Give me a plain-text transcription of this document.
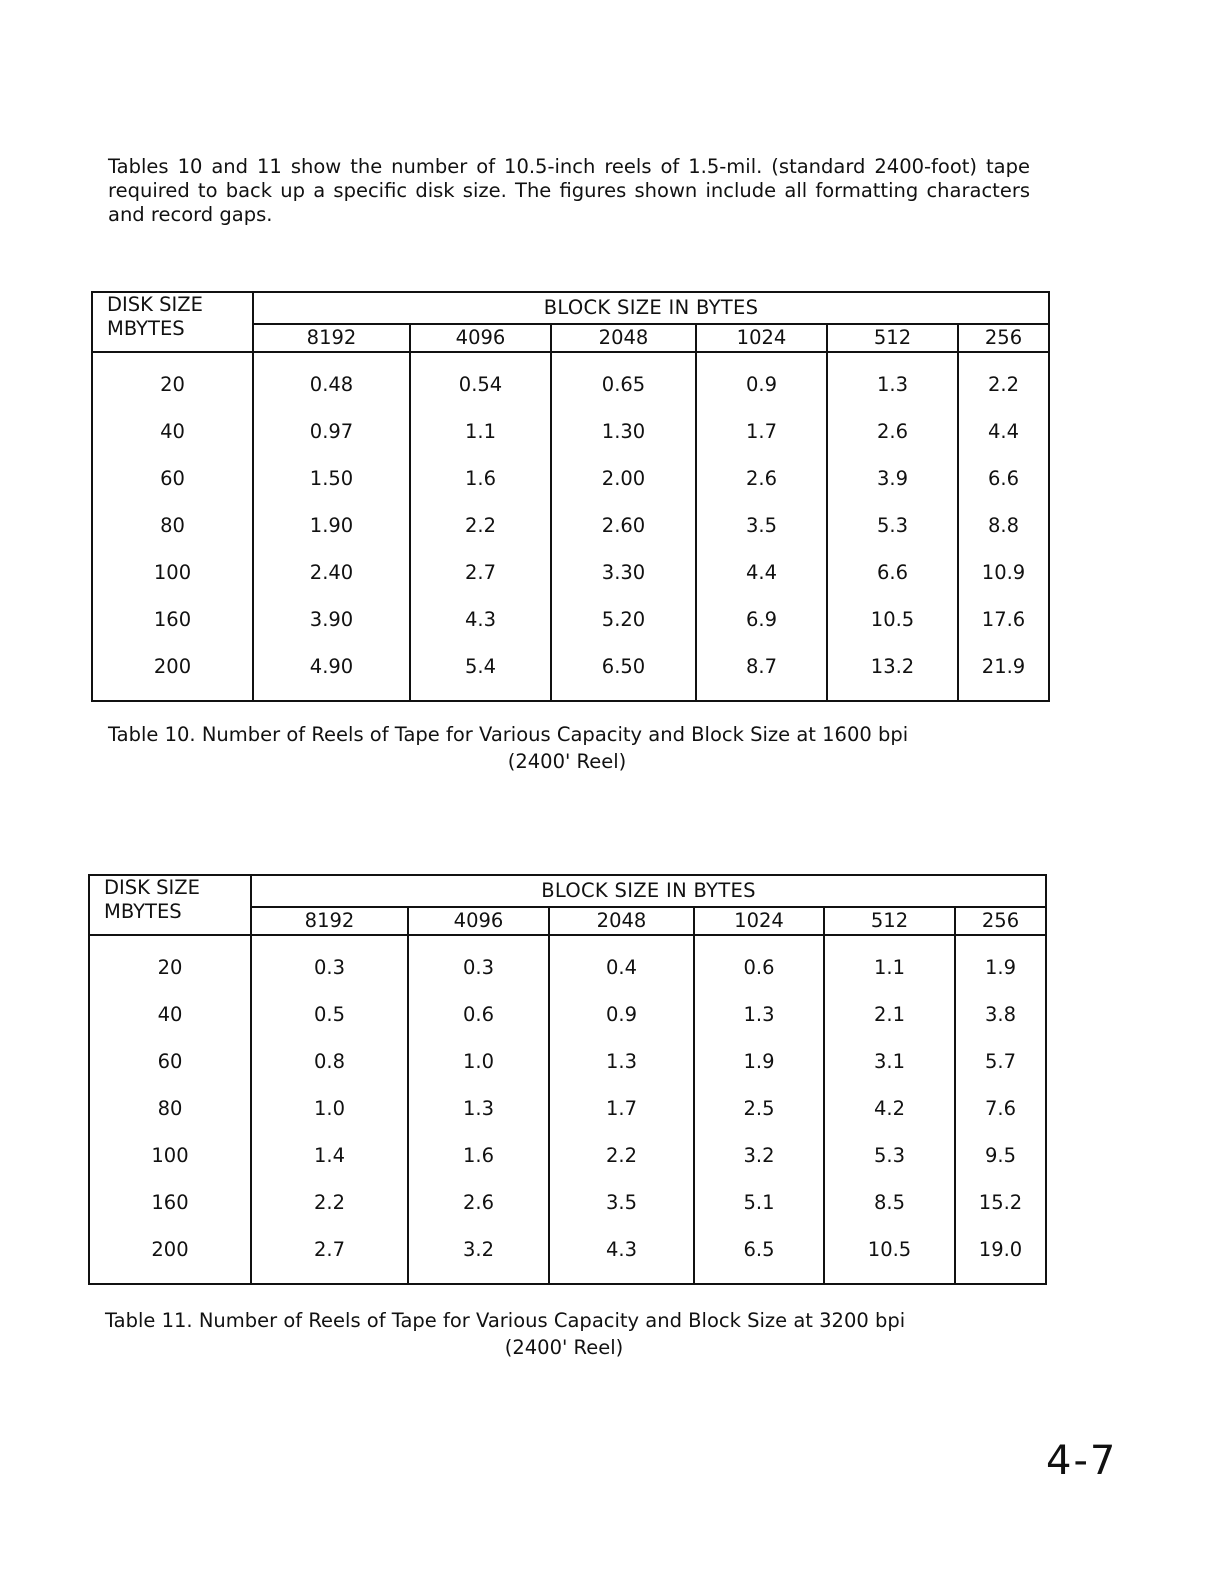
Tables 10 and 11 show the number of 10.5-inch reels of 1.5-mil. (standard 2400-foot) tape required to back up a specific disk size. The figures shown include all formatting characters and record gaps.

DISK SIZE
MBYTES	BLOCK SIZE IN BYTES					
	8192	4096	2048	1024	512	256

20	0.48	0.54	0.65	0.9	1.3	2.2
40	0.97	1.1	1.30	1.7	2.6	4.4
60	1.50	1.6	2.00	2.6	3.9	6.6
80	1.90	2.2	2.60	3.5	5.3	8.8
100	2.40	2.7	3.30	4.4	6.6	10.9
160	3.90	4.3	5.20	6.9	10.5	17.6
200	4.90	5.4	6.50	8.7	13.2	21.9

Table 10. Number of Reels of Tape for Various Capacity and Block Size at 1600 bpi
(2400' Reel)

DISK SIZE
MBYTES	BLOCK SIZE IN BYTES					
	8192	4096	2048	1024	512	256

20	0.3	0.3	0.4	0.6	1.1	1.9
40	0.5	0.6	0.9	1.3	2.1	3.8
60	0.8	1.0	1.3	1.9	3.1	5.7
80	1.0	1.3	1.7	2.5	4.2	7.6
100	1.4	1.6	2.2	3.2	5.3	9.5
160	2.2	2.6	3.5	5.1	8.5	15.2
200	2.7	3.2	4.3	6.5	10.5	19.0

Table 11. Number of Reels of Tape for Various Capacity and Block Size at 3200 bpi
(2400' Reel)

4-7
